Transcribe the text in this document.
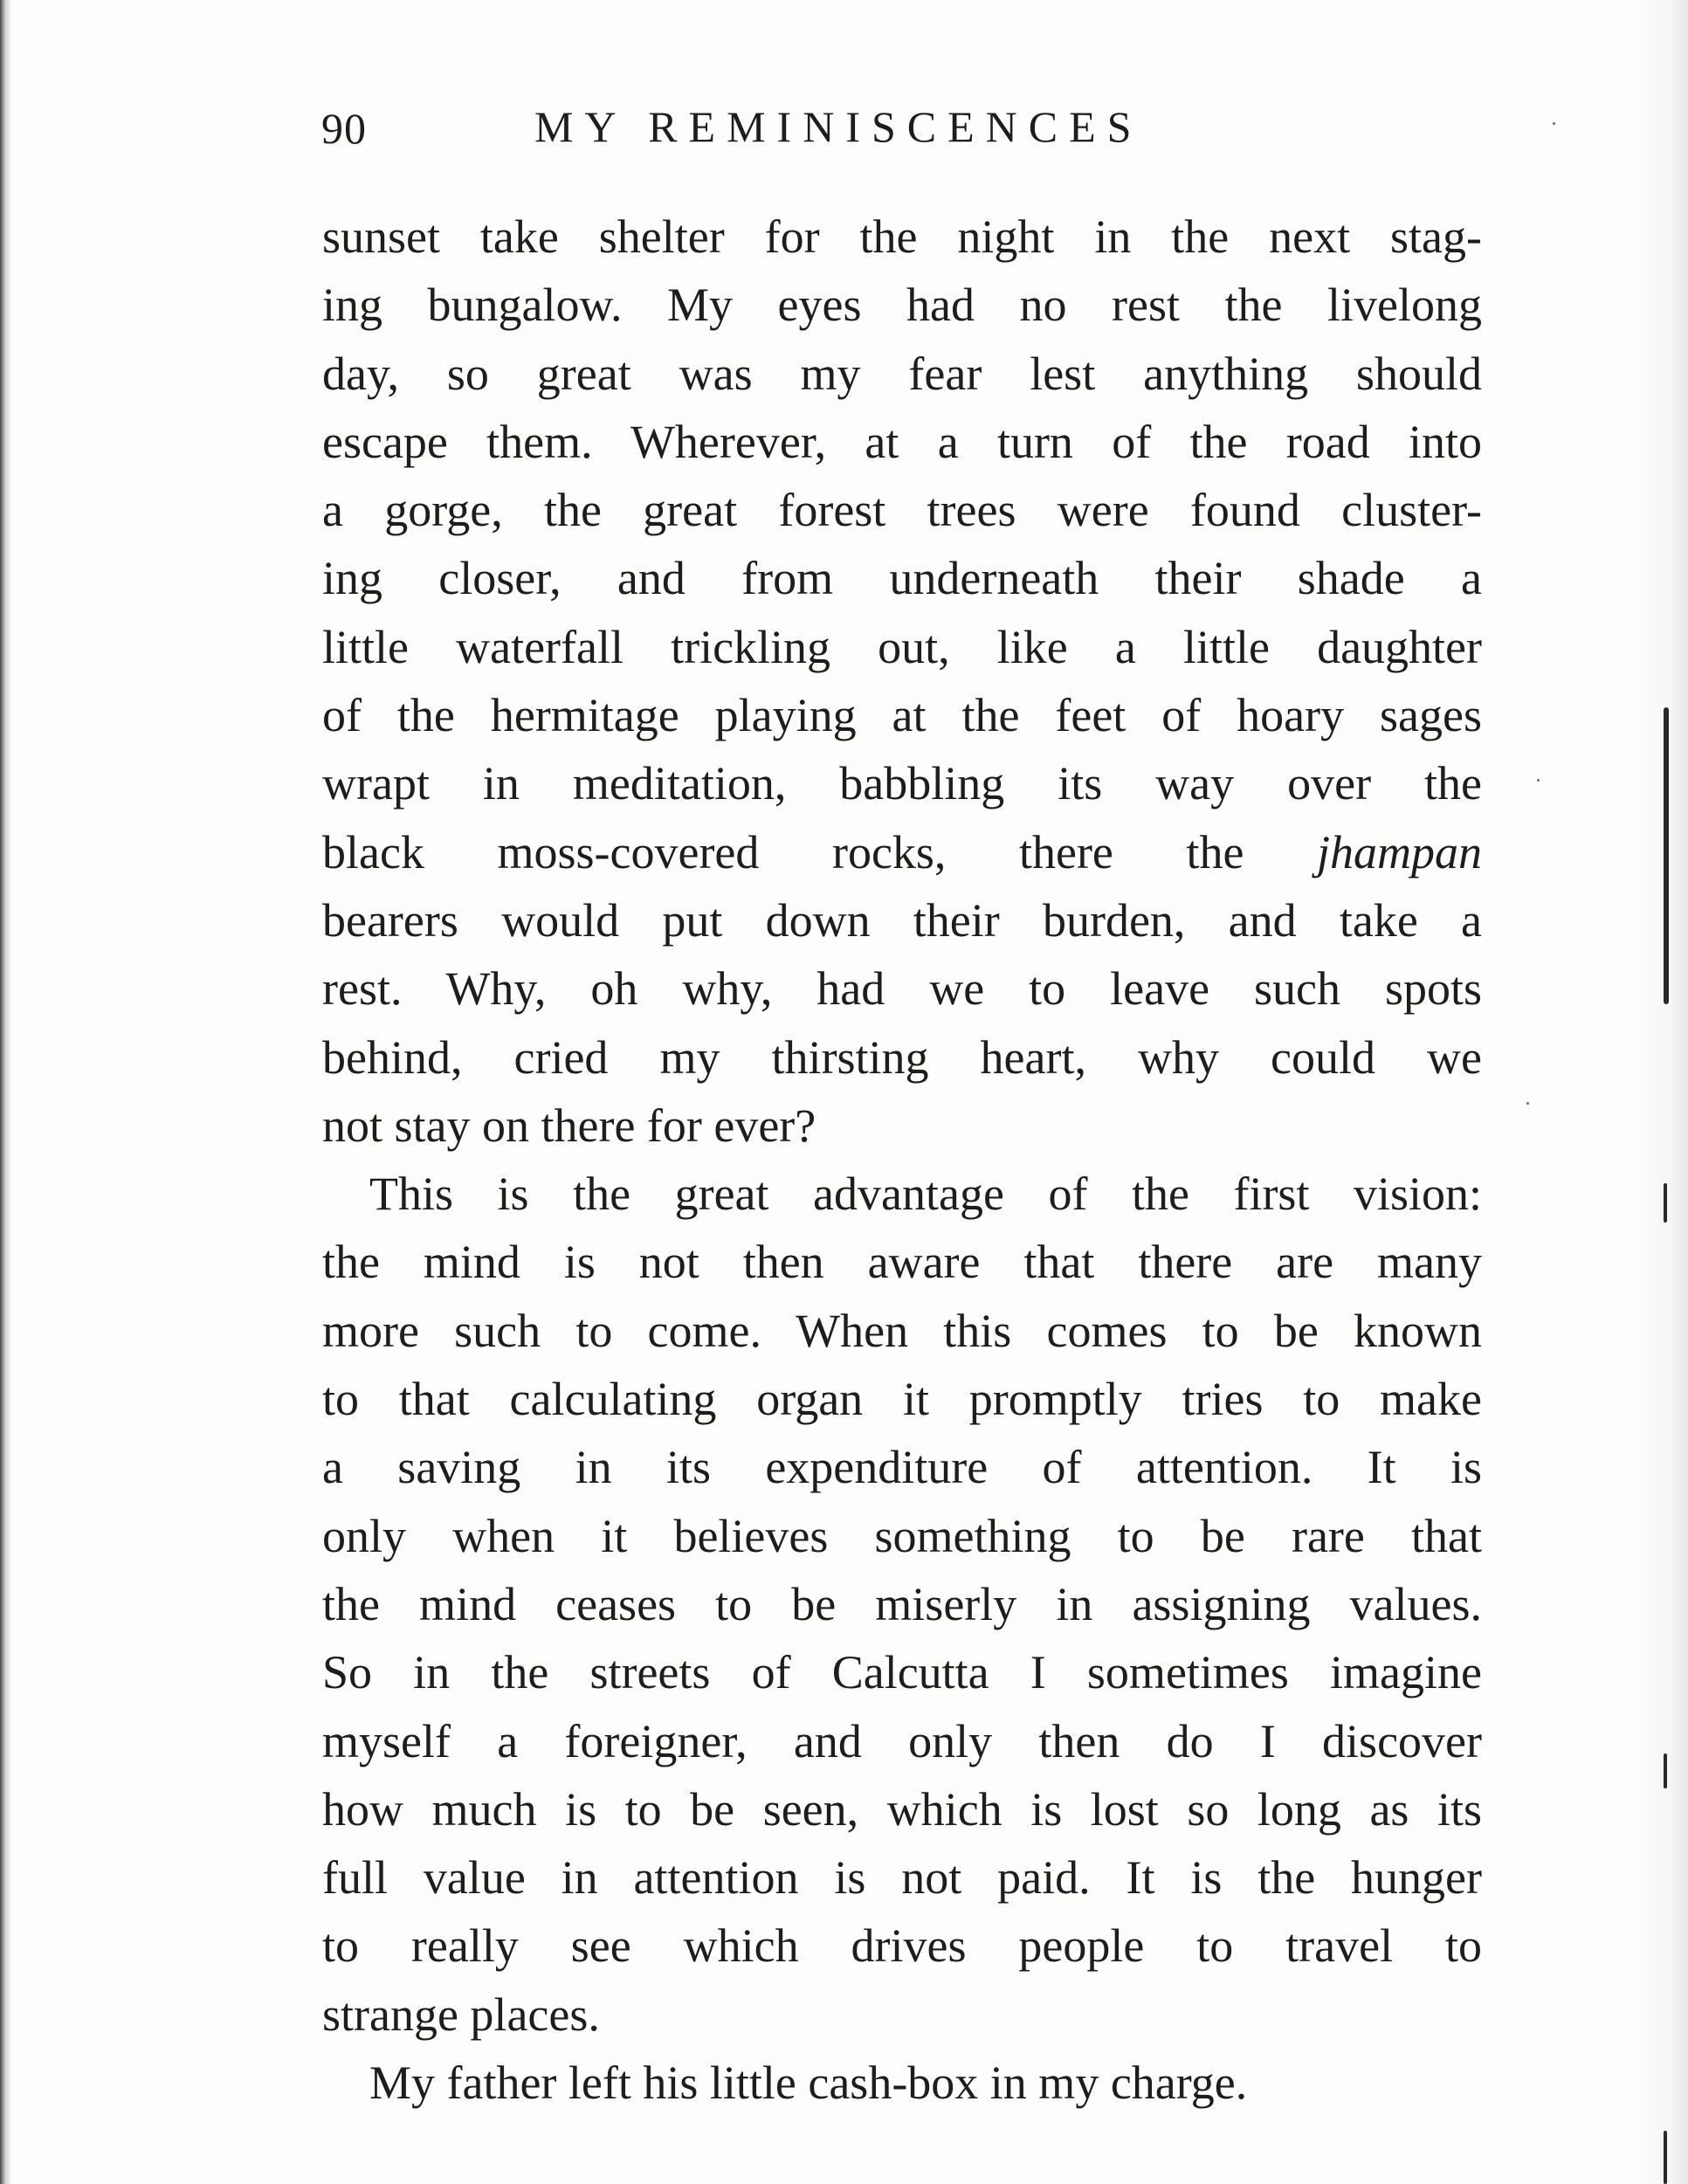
90	MY REMINISCENCES
sunset take shelter for the night in the next stag-
ing bungalow. My eyes had no rest the livelong
day, so great was my fear lest anything should
escape them. Wherever, at a turn of the road into
a gorge, the great forest trees were found cluster-
ing closer, and from underneath their shade a
little waterfall trickling out, like a little daughter
of the hermitage playing at the feet of hoary sages
wrapt in meditation, babbling its way over the
black moss-covered rocks, there the jhampan
bearers would put down their burden, and take a
rest. Why, oh why, had we to leave such spots
behind, cried my thirsting heart, why could we
not stay on there for ever?
This is the great advantage of the first vision:
the mind is not then aware that there are many
more such to come. When this comes to be known
to that calculating organ it promptly tries to make
a saving in its expenditure of attention. It is
only when it believes something to be rare that
the mind ceases to be miserly in assigning values.
So in the streets of Calcutta I sometimes imagine
myself a foreigner, and only then do I discover
how much is to be seen, which is lost so long as its
full value in attention is not paid. It is the hunger
to really see which drives people to travel to
strange places.
My father left his little cash-box in my charge.
